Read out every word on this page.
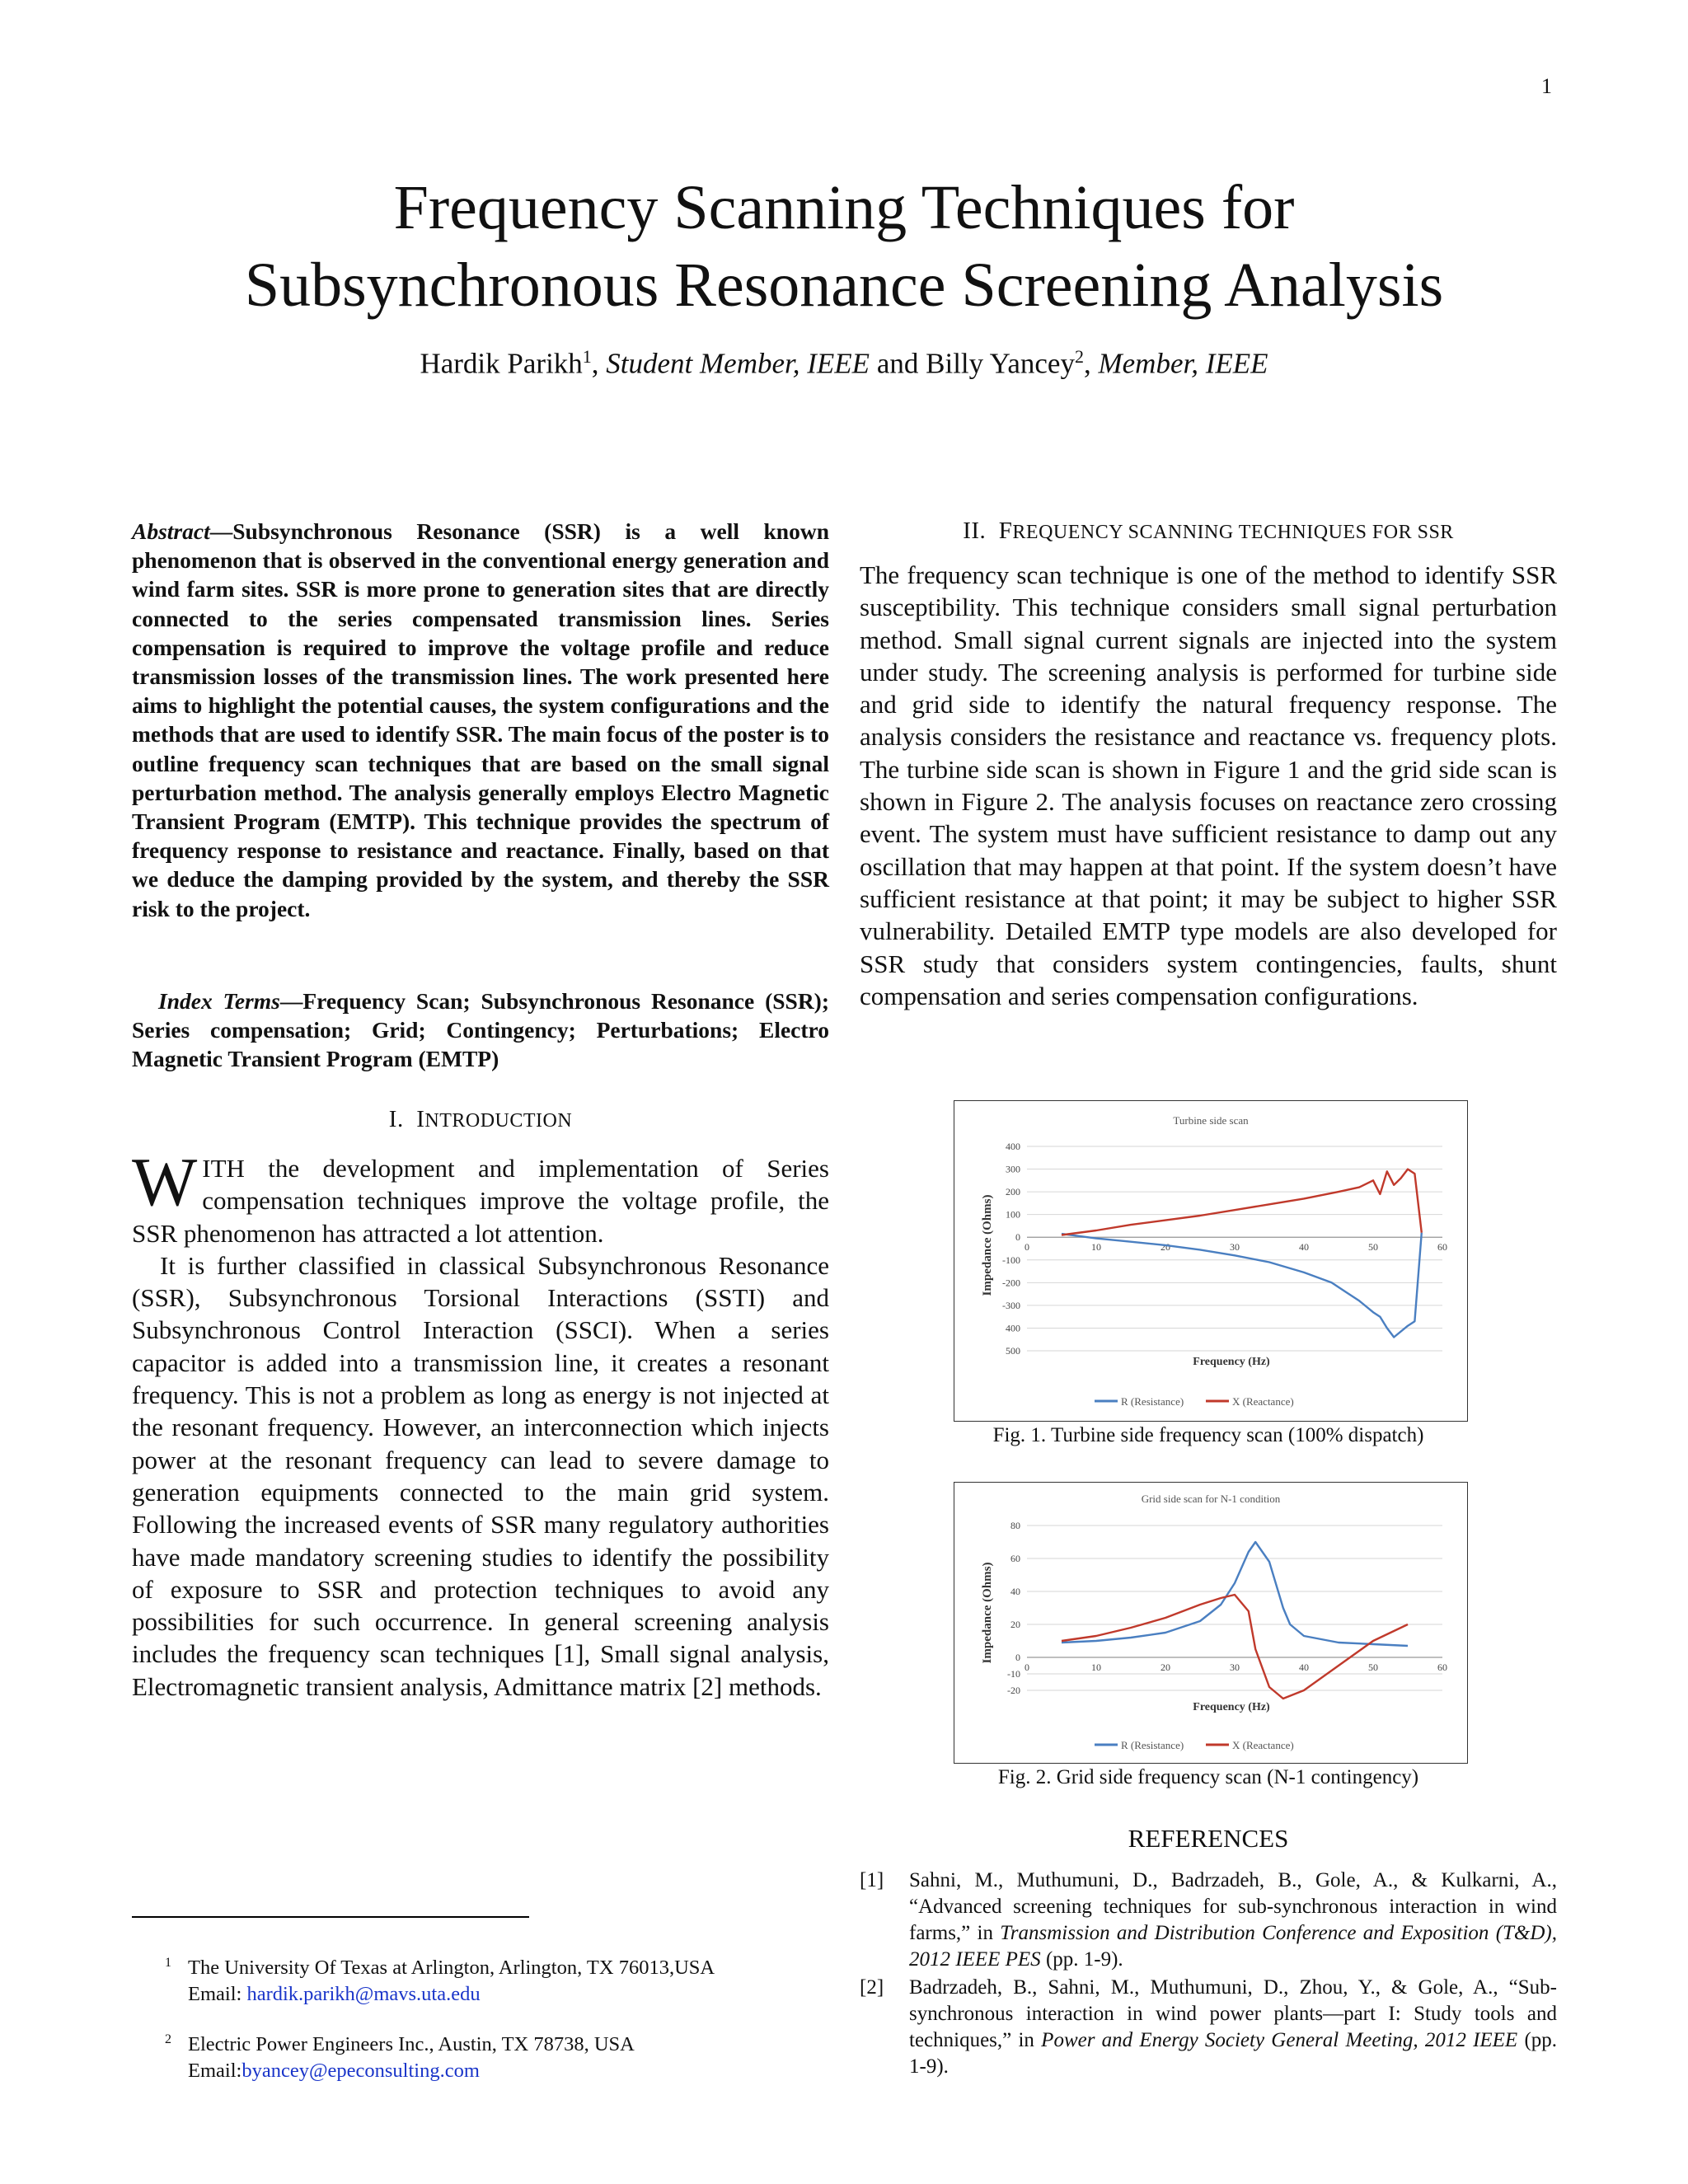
1
Frequency Scanning Techniques for
Subsynchronous Resonance Screening Analysis
Hardik Parikh$^1$, Student Member, IEEE and Billy Yancey$^2$, Member, IEEE
Abstract—Subsynchronous Resonance (SSR) is a well known phenomenon that is observed in the conventional energy generation and wind farm sites. SSR is more prone to generation sites that are directly connected to the series compensated transmission lines. Series compensation is required to improve the voltage profile and reduce transmission losses of the transmission lines. The work presented here aims to highlight the potential causes, the system configurations and the methods that are used to identify SSR. The main focus of the poster is to outline frequency scan techniques that are based on the small signal perturbation method. The analysis generally employs Electro Magnetic Transient Program (EMTP). This technique provides the spectrum of frequency response to resistance and reactance. Finally, based on that we deduce the damping provided by the system, and thereby the SSR risk to the project.
Index Terms—Frequency Scan; Subsynchronous Resonance (SSR); Series compensation; Grid; Contingency; Perturbations; Electro Magnetic Transient Program (EMTP)
I. INTRODUCTION

WITH the development and implementation of Series compensation techniques improve the voltage profile, the SSR phenomenon has attracted a lot attention.

It is further classified in classical Subsynchronous Resonance (SSR), Subsynchronous Torsional Interactions (SSTI) and Subsynchronous Control Interaction (SSCI). When a series capacitor is added into a transmission line, it creates a resonant frequency. This is not a problem as long as energy is not injected at the resonant frequency. However, an interconnection which injects power at the resonant frequency can lead to severe damage to generation equipments connected to the main grid system. Following the increased events of SSR many regulatory authorities have made mandatory screening studies to identify the possibility of exposure to SSR and protection techniques to avoid any possibilities for such occurrence. In general screening analysis includes the frequency scan techniques [1], Small signal analysis, Electromagnetic transient analysis, Admittance matrix [2] methods.

II. FREQUENCY SCANNING TECHNIQUES FOR SSR
The frequency scan technique is one of the method to identify SSR susceptibility. This technique considers small signal perturbation method. Small signal current signals are injected into the system under study. The screening analysis is performed for turbine side and grid side to identify the natural frequency response. The analysis considers the resistance and reactance vs. frequency plots. The turbine side scan is shown in Figure 1 and the grid side scan is shown in Figure 2. The analysis focuses on reactance zero crossing event. The system must have sufficient resistance to damp out any oscillation that may happen at that point. If the system doesn’t have sufficient resistance at that point; it may be subject to higher SSR vulnerability. Detailed EMTP type models are also developed for SSR study that considers system contingencies, faults, shunt compensation and series compensation configurations.
Turbine side scan
Impedance (Ohms)
Frequency (Hz)
400
300
200
100
0
-100
-200
-300
400
500
0	10	20	30	40	50	60
R (Resistance)	X (Reactance)
Fig. 1. Turbine side frequency scan (100% dispatch)
Grid side scan for N-1 condition
Impedance (Ohms)
Frequency (Hz)
80
60
40
20
0
-20
-10
0	10	20	30	40	50	60
R (Resistance)	X (Reactance)
Fig. 2. Grid side frequency scan (N-1 contingency)
REFERENCES
[1] Sahni, M., Muthumuni, D., Badrzadeh, B., Gole, A., & Kulkarni, A., “Advanced screening techniques for sub-synchronous interaction in wind farms,” in Transmission and Distribution Conference and Exposition (T&D), 2012 IEEE PES (pp. 1-9).
[2] Badrzadeh, B., Sahni, M., Muthumuni, D., Zhou, Y., & Gole, A., “Sub-synchronous interaction in wind power plants—part I: Study tools and techniques,” in Power and Energy Society General Meeting, 2012 IEEE (pp. 1-9).
1 The University Of Texas at Arlington, Arlington, TX 76013,USA
Email: hardik.parikh@mavs.uta.edu
2 Electric Power Engineers Inc., Austin, TX 78738, USA
Email:byancey@epeconsulting.com
